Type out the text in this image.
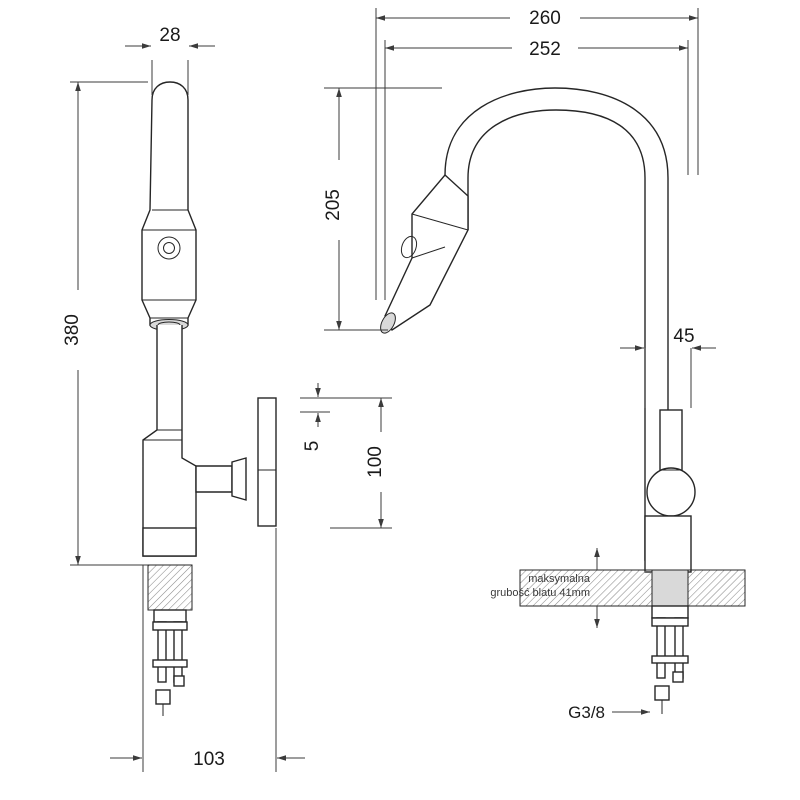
28
380
103
5
100
260
252
205
45
maksymalna
grubość blatu 41mm
G3/8
